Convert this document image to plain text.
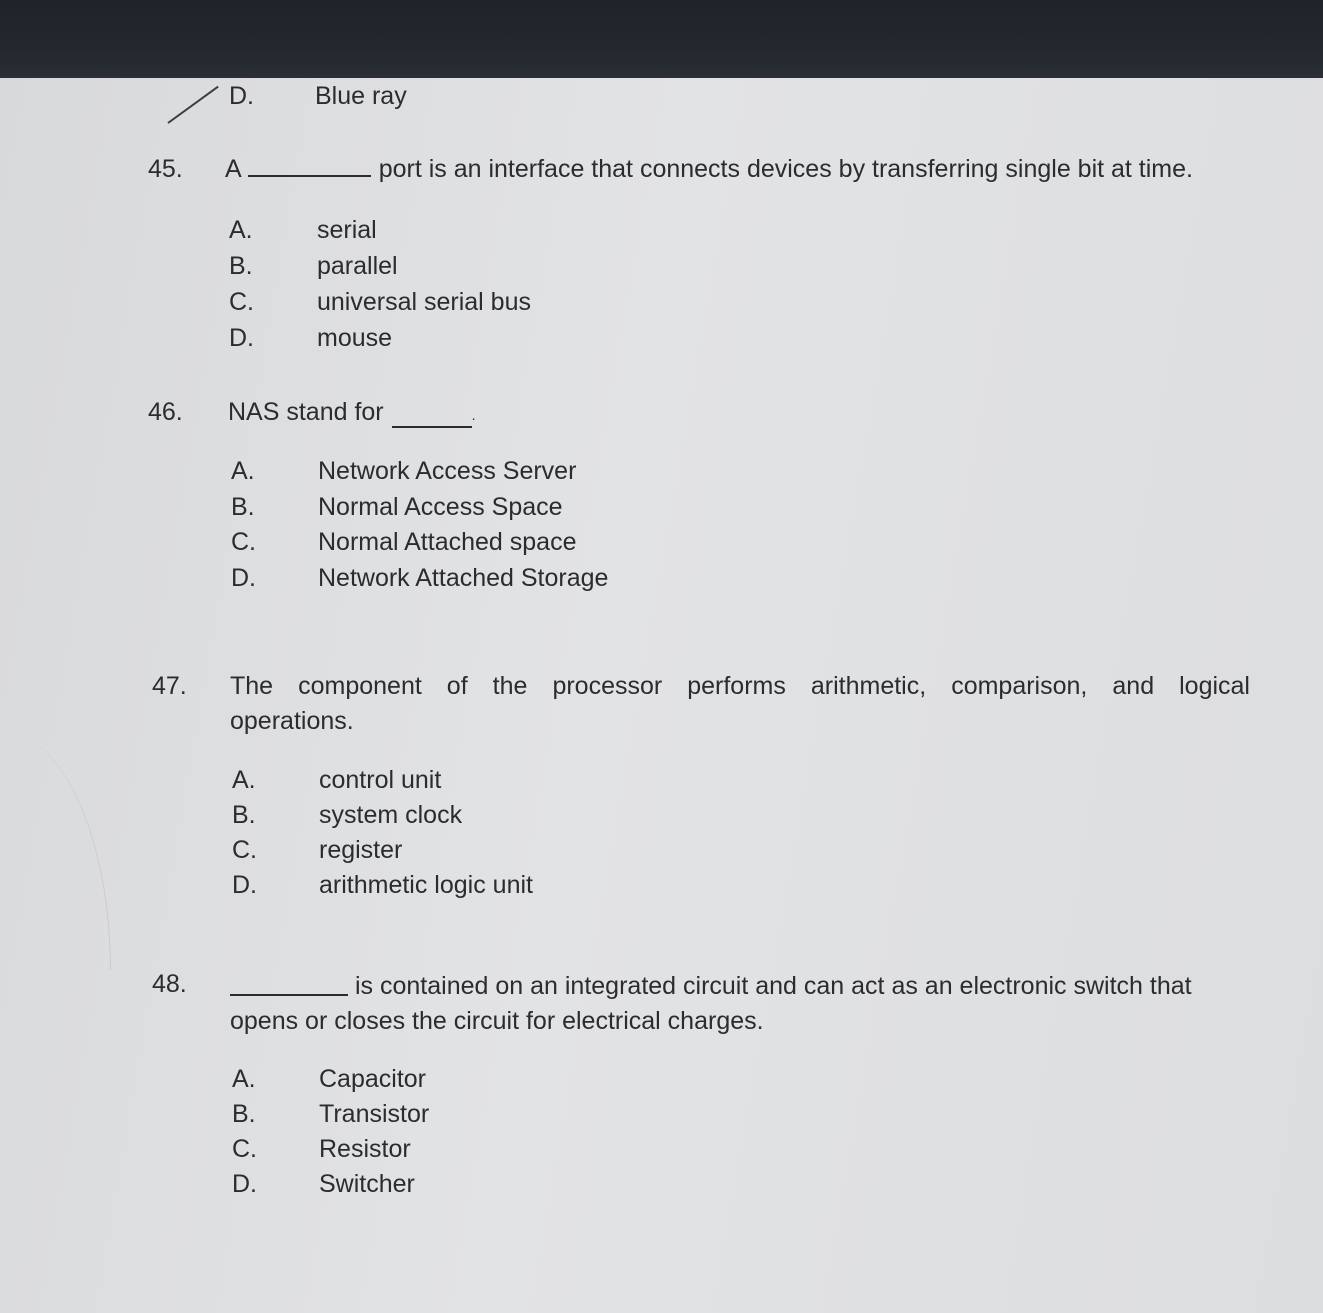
D. Blue ray
45. A	port is an interface that connects devices by transferring single bit at time.
A.	serial
B.	parallel
C.	universal serial bus
D.	mouse
46. NAS stand for	.
A.	Network Access Server
B.	Normal Access Space
C. Normal Attached space
D. Network Attached Storage
47. The component of the processor performs arithmetic, comparison, and logical
operations.
A.	control unit
B.	system clock
C. register
D. arithmetic logic unit
48.	is contained on an integrated circuit and can act as an electronic switch that
opens or closes the circuit for electrical charges.
A.	Capacitor
B.	Transistor
C. Resistor
D. Switcher
